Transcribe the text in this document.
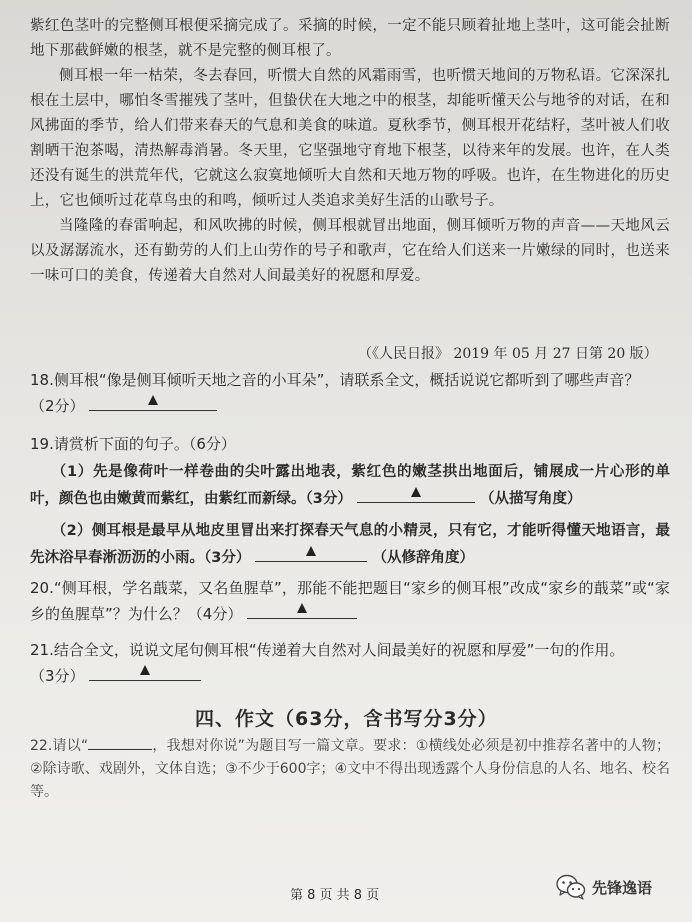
紫红色茎叶的完整侧耳根便采摘完成了。采摘的时候，一定不能只顾着扯地上茎叶，这可能会扯断地下那截鲜嫩的根茎，就不是完整的侧耳根了。

侧耳根一年一枯荣，冬去春回，听惯大自然的风霜雨雪，也听惯天地间的万物私语。它深深扎根在土层中，哪怕冬雪摧残了茎叶，但蛰伏在大地之中的根茎，却能听懂天公与地爷的对话，在和风拂面的季节，给人们带来春天的气息和美食的味道。夏秋季节，侧耳根开花结籽，茎叶被人们收割晒干泡茶喝，清热解毒消暑。冬天里，它坚强地守育地下根茎，以待来年的发展。也许，在人类还没有诞生的洪荒年代，它就这么寂寞地倾听大自然和天地万物的呼吸。也许，在生物进化的历史上，它也倾听过花草鸟虫的和鸣，倾听过人类追求美好生活的山歌号子。

当隆隆的春雷响起，和风吹拂的时候，侧耳根就冒出地面，侧耳倾听万物的声音——天地风云以及潺潺流水，还有勤劳的人们上山劳作的号子和歌声，它在给人们送来一片嫩绿的同时，也送来一味可口的美食，传递着大自然对人间最美好的祝愿和厚爱。

（《人民日报》 2019 年 05 月 27 日第 20 版）
18.侧耳根“像是侧耳倾听天地之音的小耳朵”，请联系全文，概括说说它都听到了哪些声音？
（2分）
19.请赏析下面的句子。（6分）
（1）先是像荷叶一样卷曲的尖叶露出地表，紫红色的嫩茎拱出地面后，铺展成一片心形的单叶，颜色也由嫩黄而紫红，由紫红而新绿。（3分）	（从描写角度）
（2）侧耳根是最早从地皮里冒出来打探春天气息的小精灵，只有它，才能听得懂天地语言，最先沐浴早春淅沥沥的小雨。（3分）	（从修辞角度）
20.“侧耳根，学名蕺菜，又名鱼腥草”，那能不能把题目“家乡的侧耳根”改成“家乡的蕺菜”或“家乡的鱼腥草”？为什么？（4分）
21.结合全文，说说文尾句侧耳根“传递着大自然对人间最美好的祝愿和厚爱”一句的作用。
（3分）
四、作文（63分，含书写分3分）
22.请以“	，我想对你说”为题目写一篇文章。要求：①横线处必须是初中推荐名著中的人物；②除诗歌、戏剧外，文体自选；③不少于600字；④文中不得出现透露个人身份信息的人名、地名、校名等。
第 8 页 共 8 页	先锋逸语
